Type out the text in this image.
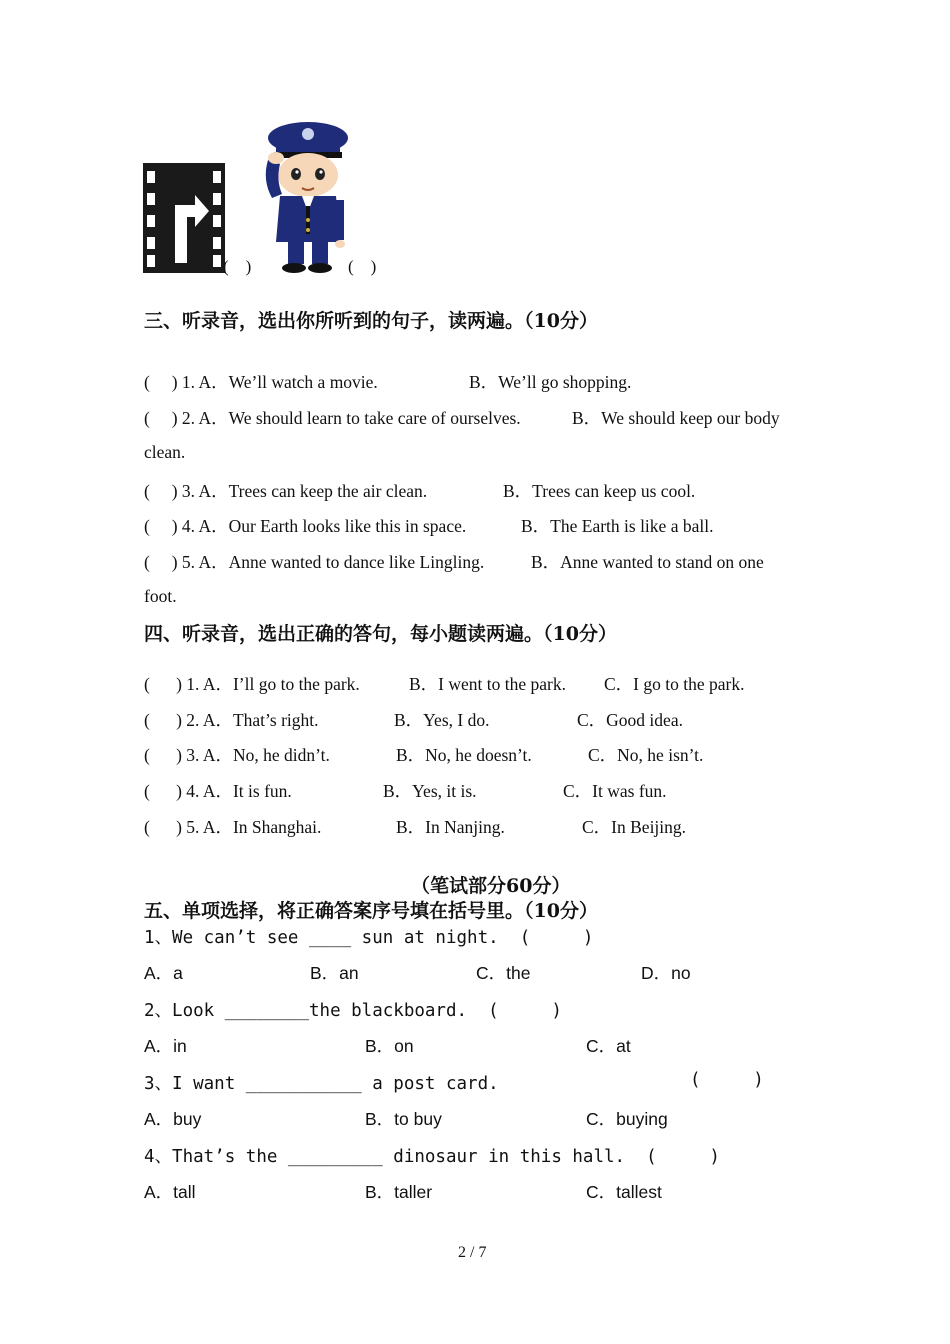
(    )	(    )
三、听录音，选出你所听到的句子，读两遍。（10分）
(     ) 1. A．We’ll watch a movie.	B．We’ll go shopping.
(     ) 2. A．We should learn to take care of ourselves.	B．We should keep our body
clean.
(     ) 3. A．Trees can keep the air clean.	B．Trees can keep us cool.
(     ) 4. A．Our Earth looks like this in space.	B．The Earth is like a ball.
(     ) 5. A．Anne wanted to dance like Lingling.	B．Anne wanted to stand on one
foot.
四、听录音，选出正确的答句，每小题读两遍。（10分）
(      ) 1. A．I’ll go to the park.	B．I went to the park. C．I go to the park.
(      ) 2. A．That’s right.	B．Yes, I do.	C．Good idea.
(      ) 3. A．No, he didn’t.	B．No, he doesn’t.	C．No, he isn’t.
(      ) 4. A．It is fun.	B．Yes, it is.	C．It was fun.
(      ) 5. A．In Shanghai.	B．In Nanjing.	C．In Beijing.
（笔试部分60分）
五、单项选择，将正确答案序号填在括号里。（10分）
1、We can’t see ____ sun at night.  (     )
A．a	B．an	C．the	D．no
2、Look ________the blackboard.  (     )
A．in	B．on	C．at
3、I want ___________ a post card.	(     )
A．buy	B．to buy	C．buying
4、That’s the _________ dinosaur in this hall.  (     )
A．tall	B．taller	C．tallest
2 / 7
